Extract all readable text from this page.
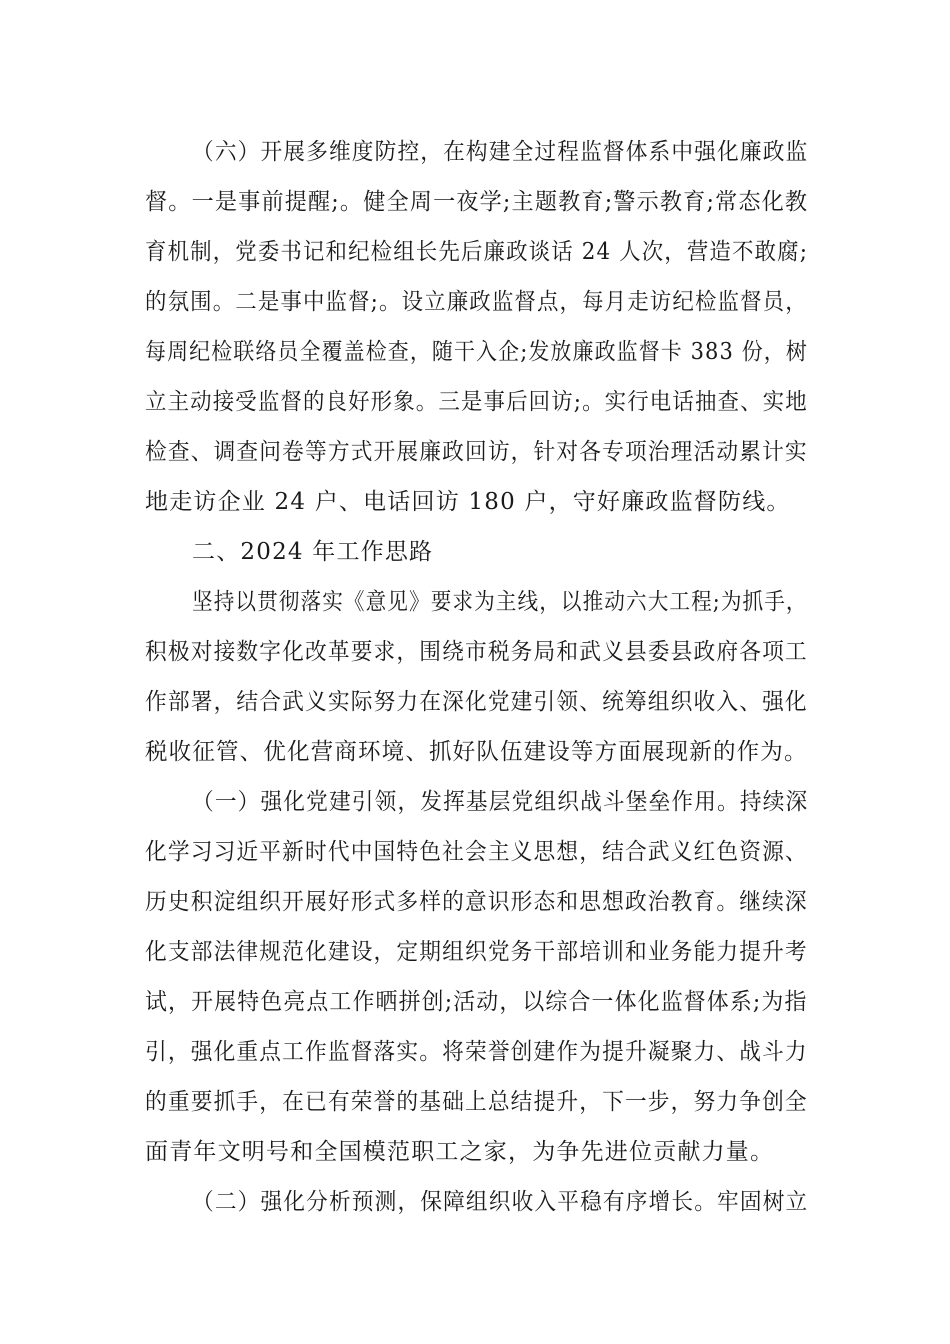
（六）开展多维度防控，在构建全过程监督体系中强化廉政监
督。一是事前提醒;。健全周一夜学;主题教育;警示教育;常态化教
育机制，党委书记和纪检组长先后廉政谈话 24 人次，营造不敢腐;
的氛围。二是事中监督;。设立廉政监督点，每月走访纪检监督员，
每周纪检联络员全覆盖检查，随干入企;发放廉政监督卡 383 份，树
立主动接受监督的良好形象。三是事后回访;。实行电话抽查、实地
检查、调查问卷等方式开展廉政回访，针对各专项治理活动累计实
地走访企业 24 户、电话回访 180 户，守好廉政监督防线。
二、2024 年工作思路
坚持以贯彻落实《意见》要求为主线，以推动六大工程;为抓手，
积极对接数字化改革要求，围绕市税务局和武义县委县政府各项工
作部署，结合武义实际努力在深化党建引领、统筹组织收入、强化
税收征管、优化营商环境、抓好队伍建设等方面展现新的作为。
（一）强化党建引领，发挥基层党组织战斗堡垒作用。持续深
化学习习近平新时代中国特色社会主义思想，结合武义红色资源、
历史积淀组织开展好形式多样的意识形态和思想政治教育。继续深
化支部法律规范化建设，定期组织党务干部培训和业务能力提升考
试，开展特色亮点工作晒拼创;活动，以综合一体化监督体系;为指
引，强化重点工作监督落实。将荣誉创建作为提升凝聚力、战斗力
的重要抓手，在已有荣誉的基础上总结提升，下一步，努力争创全
面青年文明号和全国模范职工之家，为争先进位贡献力量。
（二）强化分析预测，保障组织收入平稳有序增长。牢固树立
